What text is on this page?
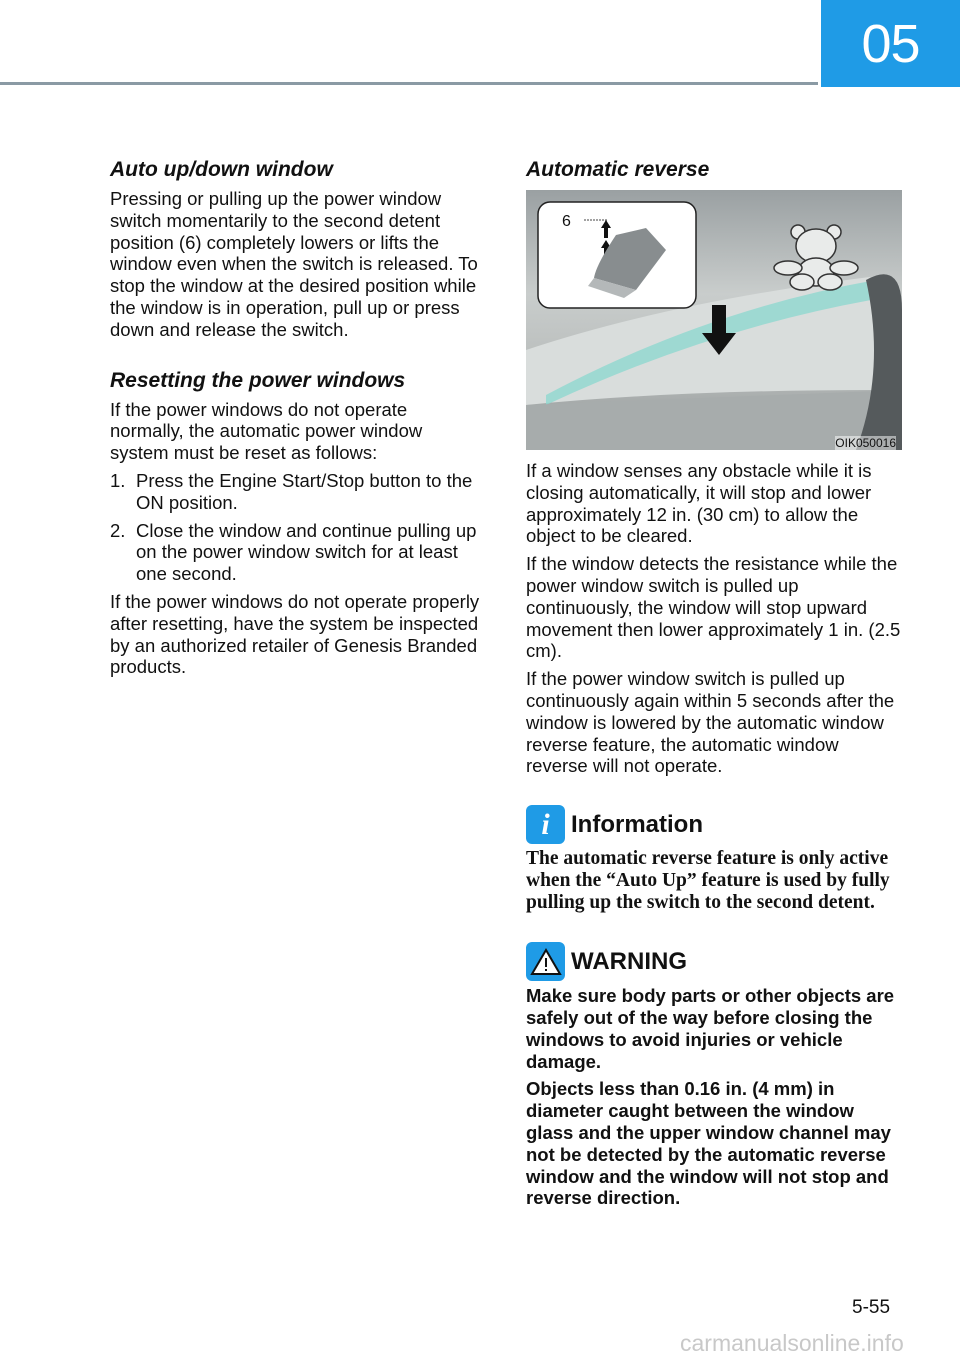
05
Auto up/down window

Pressing or pulling up the power window switch momentarily to the second detent position (6) completely lowers or lifts the window even when the switch is released. To stop the window at the desired position while the window is in operation, pull up or press down and release the switch.

Resetting the power windows

If the power windows do not operate normally, the automatic power window system must be reset as follows:

1. Press the Engine Start/Stop button to the ON position.
2. Close the window and continue pulling up on the power window switch for at least one second.

If the power windows do not operate properly after resetting, have the system be inspected by an authorized retailer of Genesis Branded products.

Automatic reverse
6
OIK050016

If a window senses any obstacle while it is closing automatically, it will stop and lower approximately 12 in. (30 cm) to allow the object to be cleared.

If the window detects the resistance while the power window switch is pulled up continuously, the window will stop upward movement then lower approximately 1 in. (2.5 cm).

If the power window switch is pulled up continuously again within 5 seconds after the window is lowered by the automatic window reverse feature, the automatic window reverse will not operate.

i Information

The automatic reverse feature is only active when the “Auto Up” feature is used by fully pulling up the switch to the second detent.

WARNING

Make sure body parts or other objects are safely out of the way before closing the windows to avoid injuries or vehicle damage.

Objects less than 0.16 in. (4 mm) in diameter caught between the window glass and the upper window channel may not be detected by the automatic reverse window and the window will not stop and reverse direction.

5-55
carmanualsonline.info
